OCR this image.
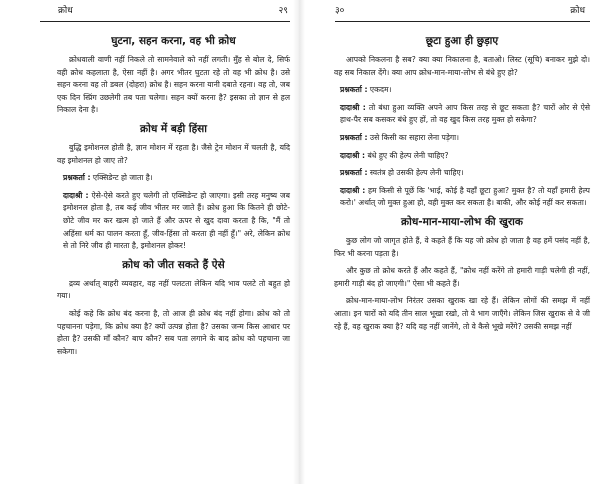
क्रोध	२९
घुटना, सहन करना, वह भी क्रोध
क्रोधवाली वाणी नहीं निकले तो सामनेवाले को नहीं लगती। मुँह से बोल दे, सिर्फ वही क्रोध कहलाता है, ऐसा नहीं है। अगर भीतर घुटता रहे तो वह भी क्रोध है। उसे सहन करना वह तो डबल (दोहरा) क्रोध है। सहन करना यानी दबाते रहना। वह तो, जब एक दिन स्प्रिंग उछलेगी तब पता चलेगा। सहन क्यों करना है? इसका तो ज्ञान से हल निकाल देना है।
क्रोध में बड़ी हिंसा
बुद्धि इमोशनल होती है, ज्ञान मोशन में रहता है। जैसे ट्रेन मोशन में चलती है, यदि वह इमोशनल हो जाए तो?
प्रश्नकर्ता : एक्सिडेन्ट हो जाता है।
दादाश्री : ऐसे-ऐसे करते हुए चलेगी तो एक्सिडेन्ट हो जाएगा। इसी तरह मनुष्य जब इमोशनल होता है, तब कई जीव भीतर मर जाते हैं। क्रोध हुआ कि कितने ही छोटे-छोटे जीव मर कर खत्म हो जाते हैं और ऊपर से खुद दावा करता है कि, "मैं तो अहिंसा धर्म का पालन करता हूँ, जीव-हिंसा तो करता ही नहीं हूँ।" अरे, लेकिन क्रोध से तो निरे जीव ही मारता है, इमोशनल होकर!
क्रोध को जीत सकते हैं ऐसे
द्रव्य अर्थात् बाहरी व्यवहार, वह नहीं पलटता लेकिन यदि भाव पलटे तो बहुत हो गया।
कोई कहे कि क्रोध बंद करना है, तो आज ही क्रोध बंद नहीं होगा। क्रोध को तो पहचानना पड़ेगा, कि क्रोध क्या है? क्यों उत्पन्न होता है? उसका जन्म किस आधार पर होता है? उसकी माँ कौन? बाप कौन? सब पता लगाने के बाद क्रोध को पहचाना जा सकेगा।
३०	क्रोध
छूटा हुआ ही छुड़ाए
आपको निकलना है सब? क्या क्या निकालना है, बताओ। लिस्ट (सूचि) बनाकर मुझे दो। वह सब निकाल देंगे। क्या आप क्रोध-मान-माया-लोभ से बंधे हुए हो?
प्रश्नकर्ता : एकदम।
दादाश्री : तो बंधा हुआ व्यक्ति अपने आप किस तरह से छूट सकता है? चारों ओर से ऐसे हाथ-पैर सब कसकर बंधे हुए हों, तो वह खुद किस तरह मुक्त हो सकेगा?
प्रश्नकर्ता : उसे किसी का सहारा लेना पड़ेगा।
दादाश्री : बंधे हुए की हेल्प लेनी चाहिए?
प्रश्नकर्ता : स्वतंत्र हो उसकी हेल्प लेनी चाहिए।
दादाश्री : हम किसी से पूछें कि 'भाई, कोई है यहाँ छूटा हुआ? मुक्त है? तो यहाँ हमारी हेल्प करो।' अर्थात् जो मुक्त हुआ हो, वही मुक्त कर सकता है। बाकी, और कोई नहीं कर सकता।
क्रोध-मान-माया-लोभ की खुराक
कुछ लोग जो जागृत होते हैं, वे कहते हैं कि यह जो क्रोध हो जाता है वह हमें पसंद नहीं है, फिर भी करना पड़ता है।
और कुछ तो क्रोध करते हैं और कहते हैं, "क्रोध नहीं करेंगे तो हमारी गाड़ी चलेगी ही नहीं, हमारी गाड़ी बंद हो जाएगी।" ऐसा भी कहते हैं।
क्रोध-मान-माया-लोभ निरंतर उसका खुराक खा रहे हैं। लेकिन लोगों की समझ में नहीं आता। इन चारों को यदि तीन साल भूखा रखो, तो वे भाग जाएँगे। लेकिन जिस खुराक से वे जी रहे हैं, वह खुराक क्या है? यदि वह नहीं जानेंगे, तो वे कैसे भूखे मरेंगे? उसकी समझ नहीं
